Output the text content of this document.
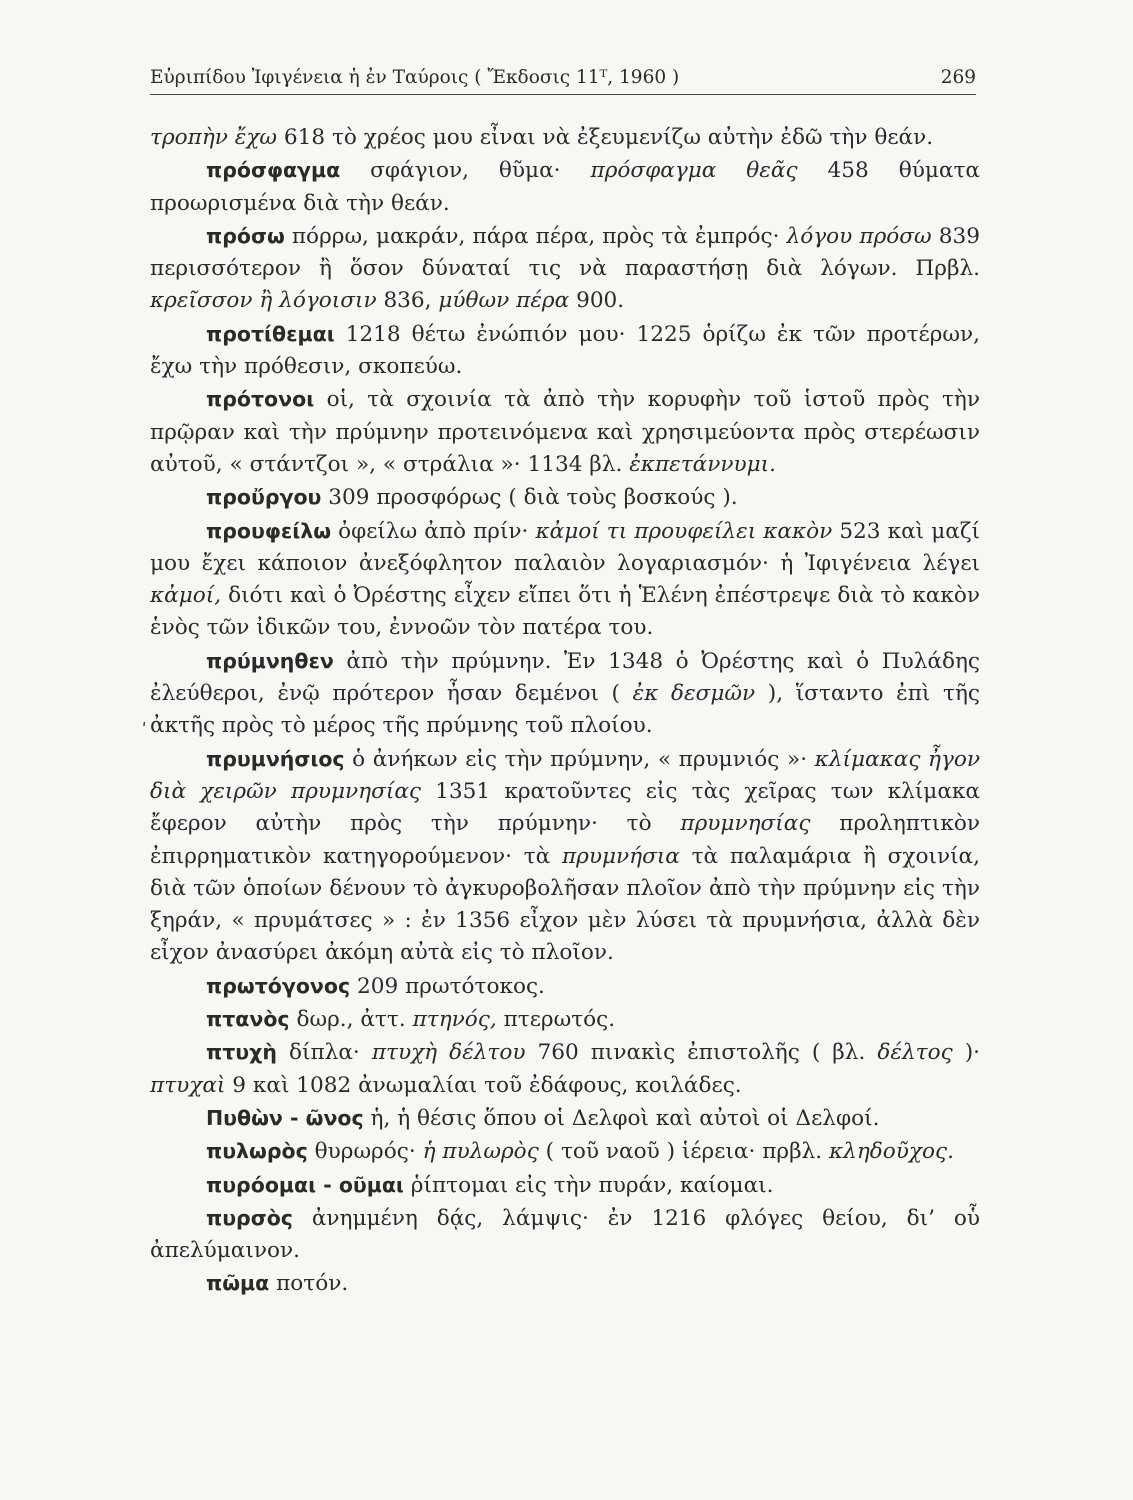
Εὐριπίδου Ἰφιγένεια ἡ ἐν Ταύροις ( Ἔκδοσις 11ᵀ, 1960 )	269
ʹ

τροπὴν ἔχω 618 τὸ χρέος μου εἶναι νὰ ἐξευμενίζω αὐτὴν ἐδῶ τὴν θεάν.

πρόσφαγμα σφάγιον, θῦμα· πρόσφαγμα θεᾶς 458 θύματα προωρισμένα διὰ τὴν θεάν.

πρόσω πόρρω, μακράν, πάρα πέρα, πρὸς τὰ ἐμπρός· λόγου πρόσω 839 περισσότερον ἢ ὅσον δύναταί τις νὰ παραστήσῃ διὰ λόγων. Πρβλ. κρεῖσσον ἢ λόγοισιν 836, μύθων πέρα 900.

προτίθεμαι 1218 θέτω ἐνώπιόν μου· 1225 ὁρίζω ἐκ τῶν προτέρων, ἔχω τὴν πρόθεσιν, σκοπεύω.

πρότονοι οἱ, τὰ σχοινία τὰ ἀπὸ τὴν κορυφὴν τοῦ ἱστοῦ πρὸς τὴν πρῷραν καὶ τὴν πρύμνην προτεινόμενα καὶ χρησιμεύοντα πρὸς στερέωσιν αὐτοῦ, « στάντζοι », « στράλια »· 1134 βλ. ἐκπετάννυμι.

προὔργου 309 προσφόρως ( διὰ τοὺς βοσκούς ).

προυφείλω ὀφείλω ἀπὸ πρίν· κἀμοί τι προυφείλει κακὸν 523 καὶ μαζί μου ἔχει κάποιον ἀνεξόφλητον παλαιὸν λογαριασμόν· ἡ Ἰφιγένεια λέγει κἀμοί, διότι καὶ ὁ Ὀρέστης εἶχεν εἴπει ὅτι ἡ Ἑλένη ἐπέστρεψε διὰ τὸ κακὸν ἑνὸς τῶν ἰδικῶν του, ἐννοῶν τὸν πατέρα του.

πρύμνηθεν ἀπὸ τὴν πρύμνην. Ἐν 1348 ὁ Ὀρέστης καὶ ὁ Πυλάδης ἐλεύθεροι, ἐνῷ πρότερον ἦσαν δεμένοι ( ἐκ δεσμῶν ), ἵσταντο ἐπὶ τῆς ἀκτῆς πρὸς τὸ μέρος τῆς πρύμνης τοῦ πλοίου.

πρυμνήσιος ὁ ἀνήκων εἰς τὴν πρύμνην, « πρυμνιός »· κλίμακας ἦγον διὰ χειρῶν πρυμνησίας 1351 κρατοῦντες εἰς τὰς χεῖρας των κλίμακα ἔφερον αὐτὴν πρὸς τὴν πρύμνην· τὸ πρυμνησίας προληπτικὸν ἐπιρρηματικὸν κατηγορούμενον· τὰ πρυμνήσια τὰ παλαμάρια ἢ σχοινία, διὰ τῶν ὁποίων δένουν τὸ ἀγκυροβολῆσαν πλοῖον ἀπὸ τὴν πρύμνην εἰς τὴν ξηράν, « πρυμάτσες » : ἐν 1356 εἶχον μὲν λύσει τὰ πρυμνήσια, ἀλλὰ δὲν εἶχον ἀνασύρει ἀκόμη αὐτὰ εἰς τὸ πλοῖον.

πρωτόγονος 209 πρωτότοκος.

πτανὸς δωρ., ἀττ. πτηνός, πτερωτός.

πτυχὴ δίπλα· πτυχὴ δέλτου 760 πινακὶς ἐπιστολῆς ( βλ. δέλτος )· πτυχαὶ 9 καὶ 1082 ἀνωμαλίαι τοῦ ἐδάφους, κοιλάδες.

Πυθὼν - ῶνος ἡ, ἡ θέσις ὅπου οἱ Δελφοὶ καὶ αὐτοὶ οἱ Δελφοί.

πυλωρὸς θυρωρός· ἡ πυλωρὸς ( τοῦ ναοῦ ) ἱέρεια· πρβλ. κληδοῦχος.

πυρόομαι - οῦμαι ῥίπτομαι εἰς τὴν πυράν, καίομαι.

πυρσὸς ἀνημμένη δᾴς, λάμψις· ἐν 1216 φλόγες θείου, δι’ οὗ ἀπελύμαινον.

πῶμα ποτόν.
